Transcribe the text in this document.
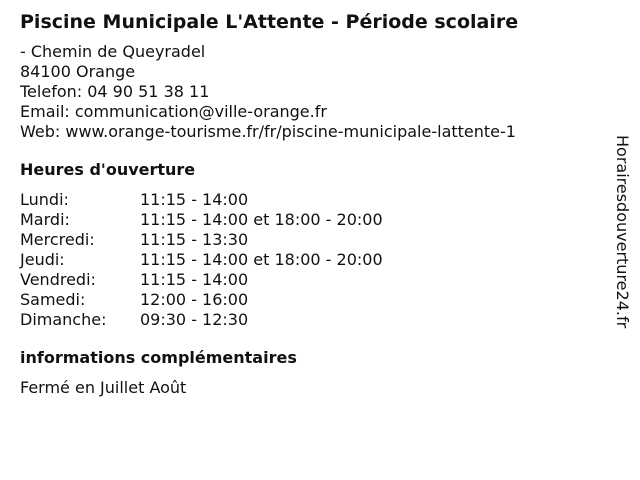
Piscine Municipale L'Attente - Période scolaire
- Chemin de Queyradel
84100 Orange
Telefon: 04 90 51 38 11
Email: communication@ville-orange.fr
Web: www.orange-tourisme.fr/fr/piscine-municipale-lattente-1
Heures d'ouverture
Lundi:	11:15 - 14:00
Mardi:	11:15 - 14:00 et 18:00 - 20:00
Mercredi:	11:15 - 13:30
Jeudi:	11:15 - 14:00 et 18:00 - 20:00
Vendredi:	11:15 - 14:00
Samedi:	12:00 - 16:00
Dimanche:	09:30 - 12:30
informations complémentaires
Fermé en Juillet Août
Horairesdouverture24.fr
